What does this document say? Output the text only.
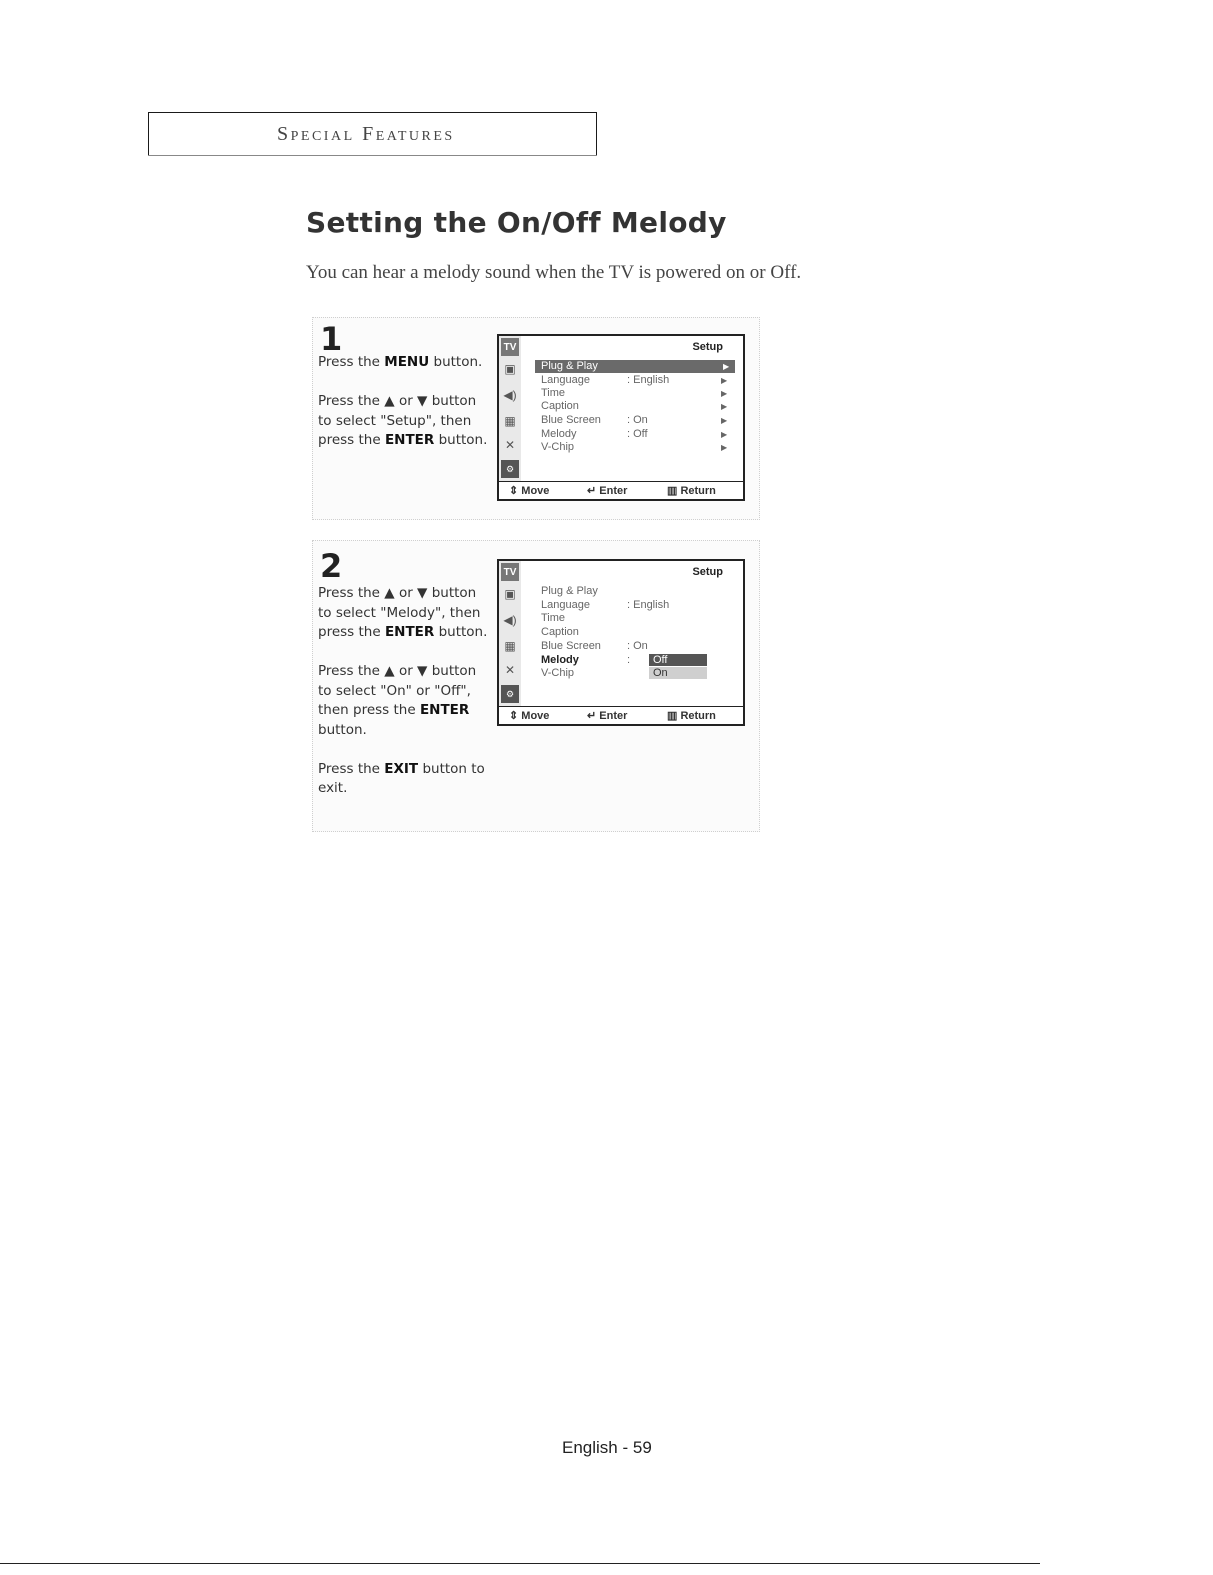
Special Features
Setting the On/Off Melody
You can hear a melody sound when the TV is powered on or Off.
1

Press the MENU button.

Press the ▲ or ▼ button to select "Setup", then press the ENTER button.

TV
▣
◀)
▦
✕
⚙
Setup
Plug & Play	▶
Language	: English	▶
Time	▶
Caption	▶
Blue Screen : On	▶
Melody	: Off	▶
V-Chip	▶
⇕ Move	↵ Enter	▥ Return
2

Press the ▲ or ▼ button to select "Melody", then press the ENTER button.

Press the ▲ or ▼ button to select "On" or "Off", then press the ENTER button.

Press the EXIT button to exit.

TV
▣
◀)
▦
✕
⚙
Setup
Plug & Play
Language	: English
Time
Caption
Blue Screen : On
Melody	:	Off
V-Chip	On
⇕ Move	↵ Enter	▥ Return
English - 59
